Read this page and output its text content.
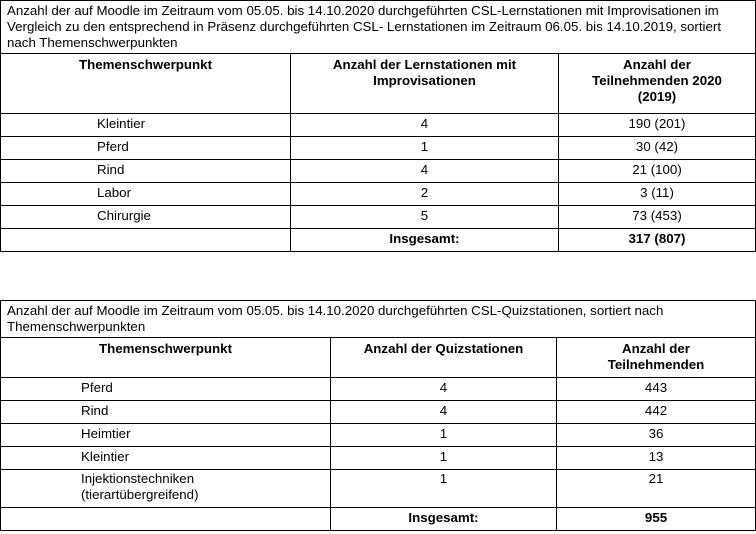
Anzahl der auf Moodle im Zeitraum vom 05.05. bis 14.10.2020 durchgeführten CSL-Lernstationen mit Improvisationen im Vergleich zu den entsprechend in Präsenz durchgeführten CSL- Lernstationen im Zeitraum 06.05. bis 14.10.2019, sortiert nach Themenschwerpunkten		
Themenschwerpunkt	Anzahl der Lernstationen mit Improvisationen	Anzahl der Teilnehmenden 2020 (2019)
Kleintier	4	190 (201)
Pferd	1	30 (42)
Rind	4	21 (100)
Labor	2	3 (11)
Chirurgie	5	73 (453)
	Insgesamt:	317 (807)
Anzahl der auf Moodle im Zeitraum vom 05.05. bis 14.10.2020 durchgeführten CSL-Quizstationen, sortiert nach Themenschwerpunkten		
Themenschwerpunkt	Anzahl der Quizstationen	Anzahl der Teilnehmenden
Pferd	4	443
Rind	4	442
Heimtier	1	36
Kleintier	1	13
Injektionstechniken (tierartübergreifend)	1	21
	Insgesamt:	955
